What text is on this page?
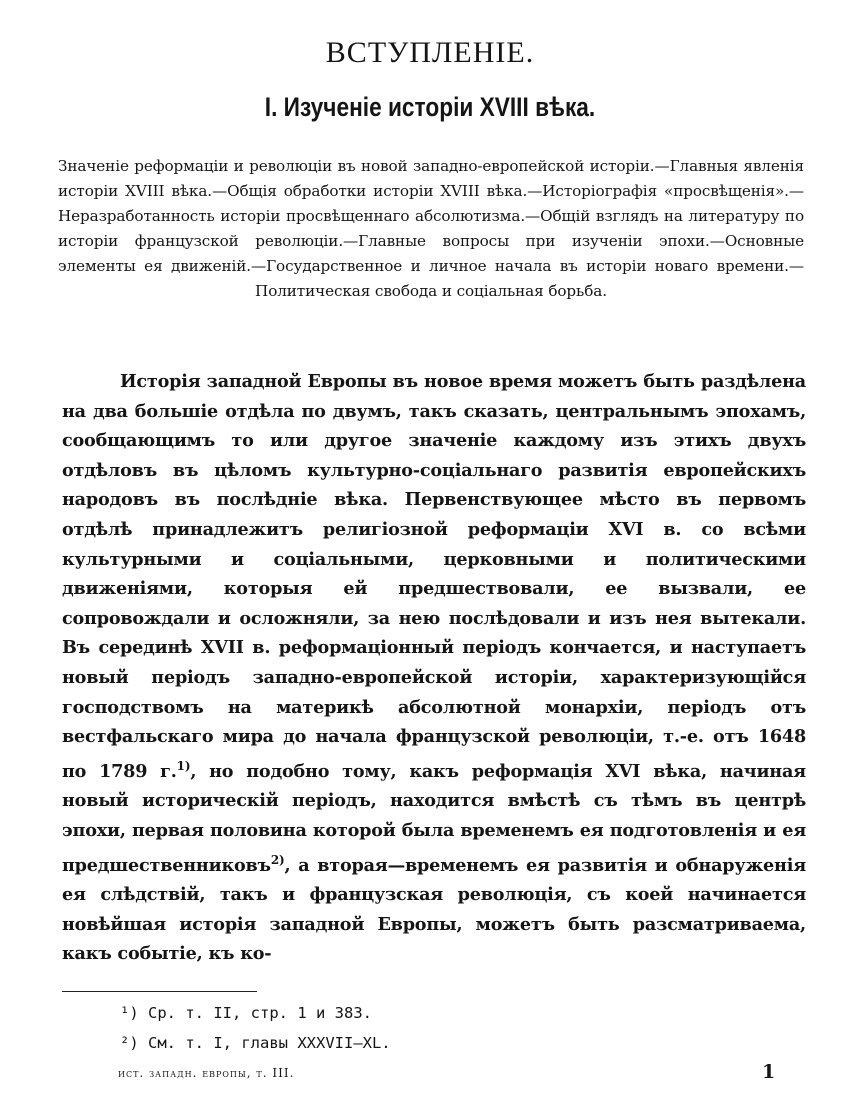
ВСТУПЛЕНІЕ.
I. Изученіе исторіи XVIII вѣка.

Значеніе реформаціи и революціи въ новой западно-европейской исторіи.—Главныя явленія исторіи XVIII вѣка.—Общія обработки исторіи XVIII вѣка.—Исторіографія «просвѣщенія».—Неразработанность исторіи просвѣщеннаго абсолютизма.—Общій взглядъ на литературу по исторіи французской революціи.—Главные вопросы при изученіи эпохи.—Основные элементы ея движеній.—Государственное и личное начала въ исторіи новаго времени.—Политическая свобода и соціальная борьба.

Исторія западной Европы въ новое время можетъ быть раздѣлена на два большіе отдѣла по двумъ, такъ сказать, центральнымъ эпохамъ, сообщающимъ то или другое значеніе каждому изъ этихъ двухъ отдѣловъ въ цѣломъ культурно-соціальнаго развитія европейскихъ народовъ въ послѣдніе вѣка. Первенствующее мѣсто въ первомъ отдѣлѣ принадлежитъ религіозной реформаціи XVI в. со всѣми культурными и соціальными, церковными и политическими движеніями, которыя ей предшествовали, ее вызвали, ее сопровождали и осложняли, за нею послѣдовали и изъ нея вытекали. Въ серединѣ XVII в. реформаціонный періодъ кончается, и наступаетъ новый періодъ западно-европейской исторіи, характеризующійся господствомъ на материкѣ абсолютной монархіи, періодъ отъ вестфальскаго мира до начала французской революціи, т.-е. отъ 1648 по 1789 г.$^{1)}$, но подобно тому, какъ реформація XVI вѣка, начиная новый историческій періодъ, находится вмѣстѣ съ тѣмъ въ центрѣ эпохи, первая половина которой была временемъ ея подготовленія и ея предшественниковъ$^{2)}$, а вторая—временемъ ея развитія и обнаруженія ея слѣдствій, такъ и французская революція, съ коей начинается новѣйшая исторія западной Европы, можетъ быть разсматриваема, какъ событіе, къ ко-

¹) Ср. т. II, стр. 1 и 383.
²) См. т. I, главы XXXVII—XL.

ист. западн. европы, т. III.	1
